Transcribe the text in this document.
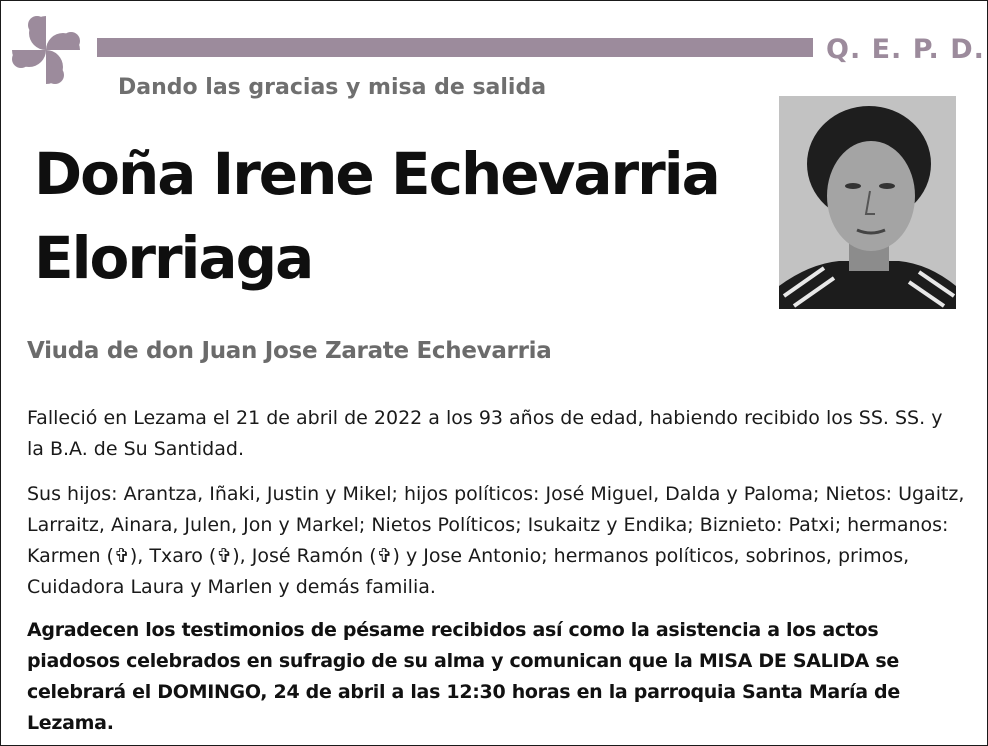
Q. E. P. D.
Dando las gracias y misa de salida
Doña Irene Echevarria
Elorriaga
Viuda de don Juan Jose Zarate Echevarria
Falleció en Lezama el 21 de abril de 2022 a los 93 años de edad, habiendo recibido los SS. SS. y la B.A. de Su Santidad.
Sus hijos: Arantza, Iñaki, Justin y Mikel; hijos políticos: José Miguel, Dalda y Paloma; Nietos: Ugaitz, Larraitz, Ainara, Julen, Jon y Markel; Nietos Políticos; Isukaitz y Endika; Biznieto: Patxi; hermanos: Karmen (✞), Txaro (✞), José Ramón (✞) y Jose Antonio; hermanos políticos, sobrinos, primos, Cuidadora Laura y Marlen y demás familia.
Agradecen los testimonios de pésame recibidos así como la asistencia a los actos piadosos celebrados en sufragio de su alma y comunican que la MISA DE SALIDA se celebrará el DOMINGO, 24 de abril a las 12:30 horas en la parroquia Santa María de Lezama.
